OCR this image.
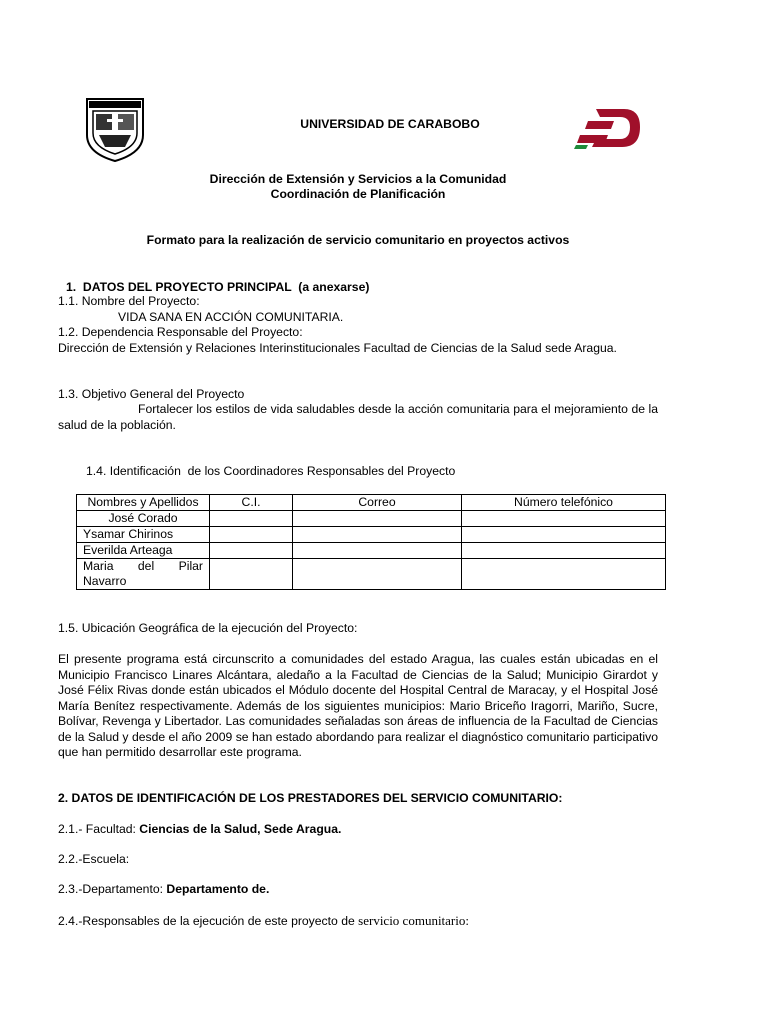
UNIVERSIDAD DE CARABOBO
Dirección de Extensión y Servicios a la Comunidad
Coordinación de Planificación
Formato para la realización de servicio comunitario en proyectos activos
1.  DATOS DEL PROYECTO PRINCIPAL  (a anexarse)
1.1. Nombre del Proyecto:
VIDA SANA EN ACCIÓN COMUNITARIA.
1.2. Dependencia Responsable del Proyecto:
Dirección de Extensión y Relaciones Interinstitucionales Facultad de Ciencias de la Salud sede Aragua.
1.3. Objetivo General del Proyecto
Fortalecer los estilos de vida saludables desde la acción comunitaria para el mejoramiento de la salud de la población.
1.4. Identificación  de los Coordinadores Responsables del Proyecto
Nombres y Apellidos	C.I.	Correo	Número telefónico
José Corado			
Ysamar Chirinos			
Everilda Arteaga			
Maria del Pilar Navarro			
1.5. Ubicación Geográfica de la ejecución del Proyecto:
El presente programa está circunscrito a comunidades del estado Aragua, las cuales están ubicadas en el Municipio Francisco Linares Alcántara, aledaño a la Facultad de Ciencias de la Salud; Municipio Girardot y José Félix Rivas donde están ubicados el Módulo docente del Hospital Central de Maracay, y el Hospital José María Benítez respectivamente. Además de los siguientes municipios: Mario Briceño Iragorri, Mariño, Sucre, Bolívar, Revenga y Libertador. Las comunidades señaladas son áreas de influencia de la Facultad de Ciencias de la Salud y desde el año 2009 se han estado abordando para realizar el diagnóstico comunitario participativo que han permitido desarrollar este programa.
2. DATOS DE IDENTIFICACIÓN DE LOS PRESTADORES DEL SERVICIO COMUNITARIO:
2.1.- Facultad: Ciencias de la Salud, Sede Aragua.
2.2.-Escuela:
2.3.-Departamento: Departamento de.
2.4.-Responsables de la ejecución de este proyecto de servicio comunitario:
